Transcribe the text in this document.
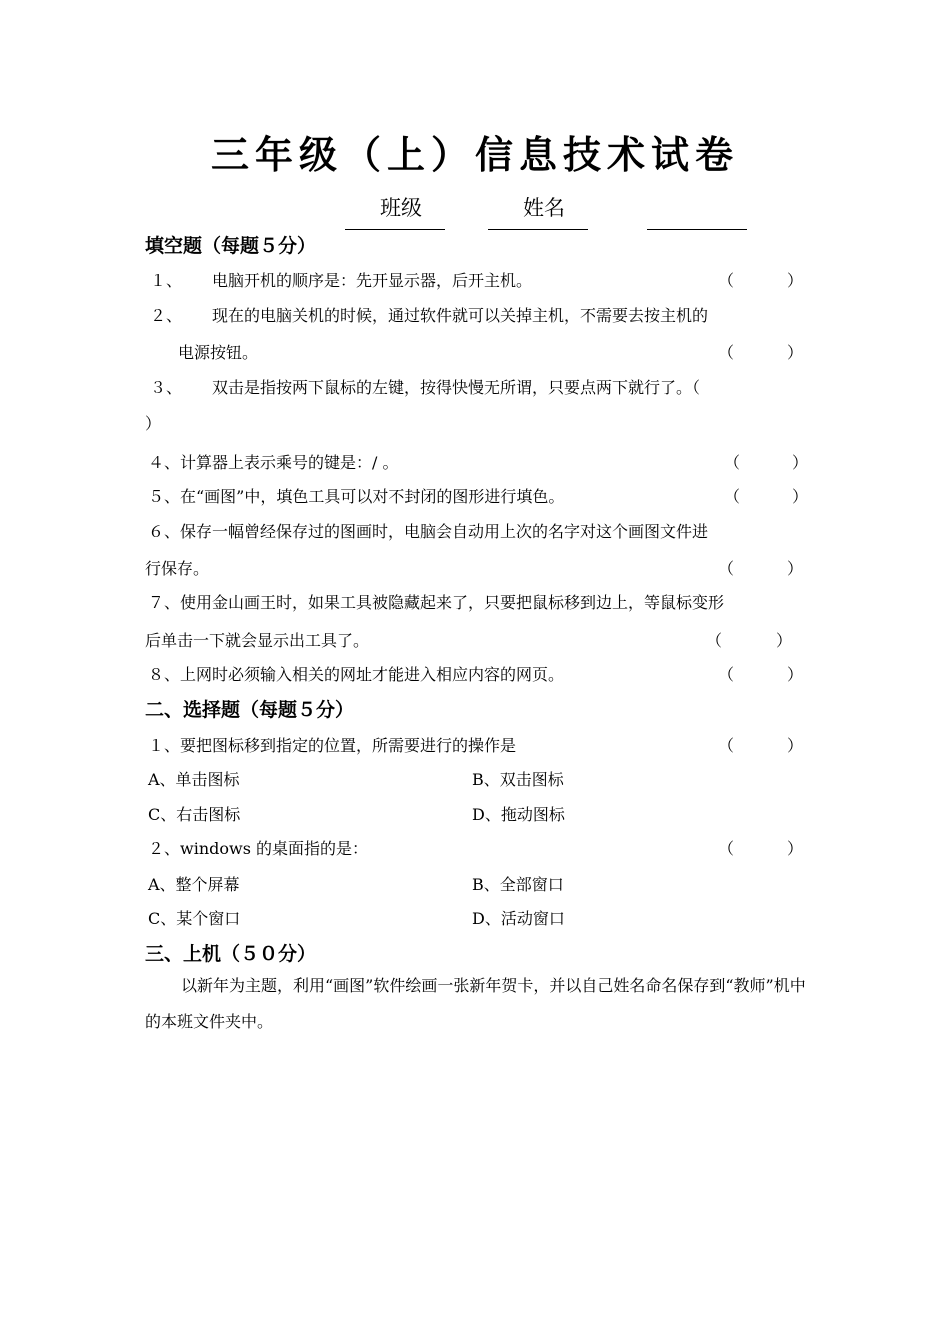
三年级（上）信息技术试卷
班级	姓名
填空题（每题５分）
１、 电脑开机的顺序是：先开显示器，后开主机。	（	）
２、 现在的电脑关机的时候，通过软件就可以关掉主机，不需要去按主机的
电源按钮。	（	）
３、 双击是指按两下鼠标的左键，按得快慢无所谓，只要点两下就行了。（
）
４、计算器上表示乘号的键是：/ 。	（	）
５、在“画图”中，填色工具可以对不封闭的图形进行填色。	（	）
６、保存一幅曾经保存过的图画时，电脑会自动用上次的名字对这个画图文件进
行保存。	（	）
７、使用金山画王时，如果工具被隐藏起来了，只要把鼠标移到边上，等鼠标变形
后单击一下就会显示出工具了。	（	）
８、上网时必须输入相关的网址才能进入相应内容的网页。	（	）
二、选择题（每题５分）
１、要把图标移到指定的位置，所需要进行的操作是	（	）
A、单击图标	B、双击图标
C、右击图标	D、拖动图标
２、windows 的桌面指的是：	（	）
A、整个屏幕	B、全部窗口
C、某个窗口	D、活动窗口
三、上机（５０分）
以新年为主题，利用“画图”软件绘画一张新年贺卡，并以自己姓名命名保存到“教师”机中的本班文件夹中。
